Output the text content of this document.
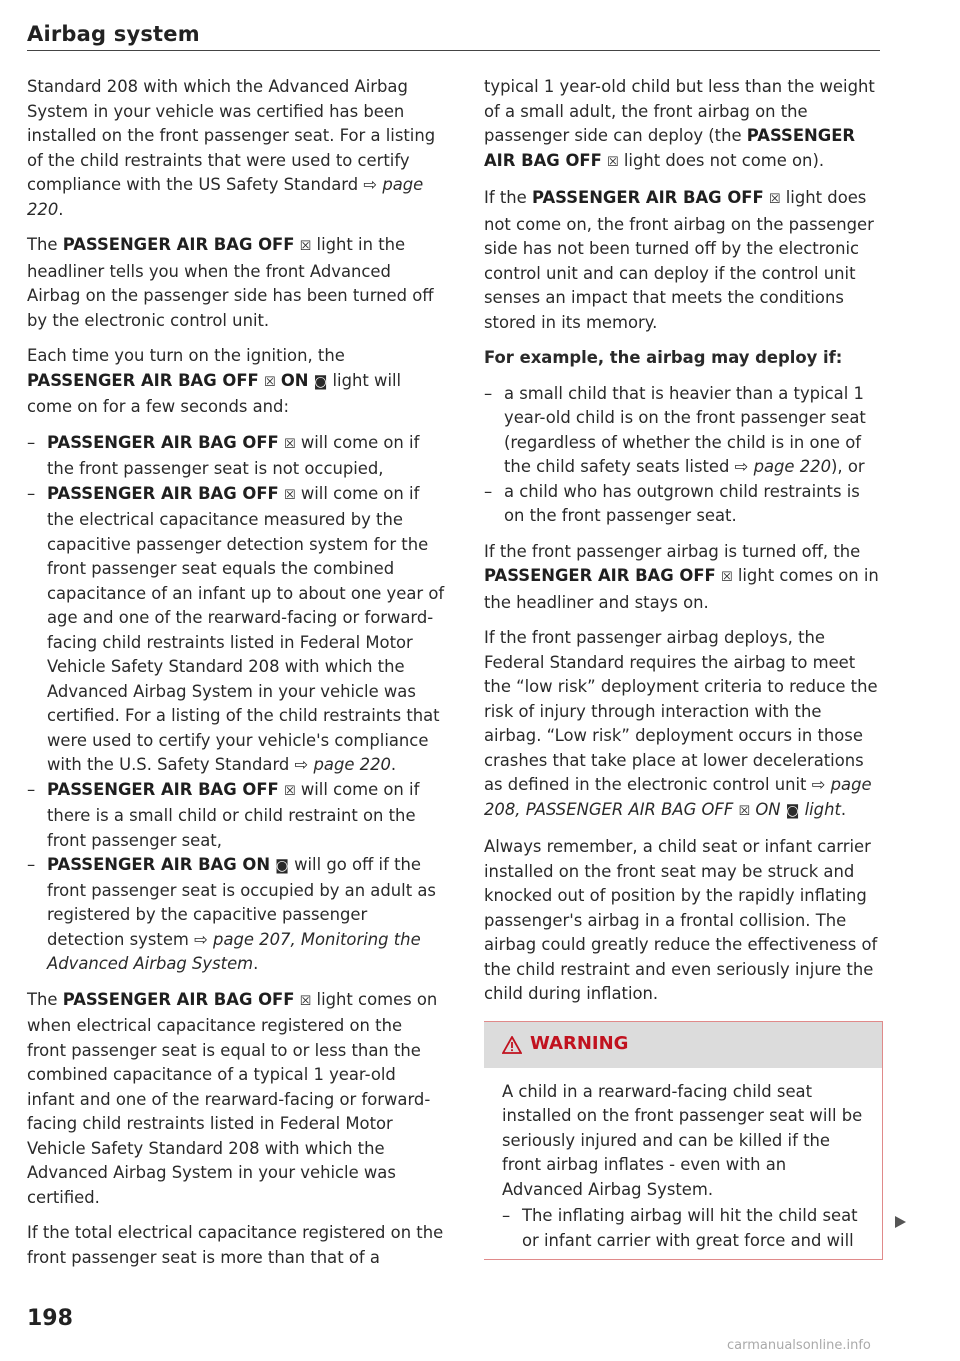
Airbag system

Standard 208 with which the Advanced Airbag System in your vehicle was certified has been installed on the front passenger seat. For a listing of the child restraints that were used to certify compliance with the US Safety Standard ⇨ page 220.

The PASSENGER AIR BAG OFF ☒ light in the headliner tells you when the front Advanced Airbag on the passenger side has been turned off by the electronic control unit.

Each time you turn on the ignition, the PASSENGER AIR BAG OFF ☒ ON ◙ light will come on for a few seconds and:

– PASSENGER AIR BAG OFF ☒ will come on if the front passenger seat is not occupied,
– PASSENGER AIR BAG OFF ☒ will come on if the electrical capacitance measured by the capacitive passenger detection system for the front passenger seat equals the combined capacitance of an infant up to about one year of age and one of the rearward-facing or forward-facing child restraints listed in Federal Motor Vehicle Safety Standard 208 with which the Advanced Airbag System in your vehicle was certified. For a listing of the child restraints that were used to certify your vehicle's compliance with the U.S. Safety Standard ⇨ page 220.
– PASSENGER AIR BAG OFF ☒ will come on if there is a small child or child restraint on the front passenger seat,
– PASSENGER AIR BAG ON ◙ will go off if the front passenger seat is occupied by an adult as registered by the capacitive passenger detection system ⇨ page 207, Monitoring the Advanced Airbag System.

The PASSENGER AIR BAG OFF ☒ light comes on when electrical capacitance registered on the front passenger seat is equal to or less than the combined capacitance of a typical 1 year-old infant and one of the rearward-facing or forward-facing child restraints listed in Federal Motor Vehicle Safety Standard 208 with which the Advanced Airbag System in your vehicle was certified.

If the total electrical capacitance registered on the front passenger seat is more than that of a

typical 1 year-old child but less than the weight of a small adult, the front airbag on the passenger side can deploy (the PASSENGER AIR BAG OFF ☒ light does not come on).

If the PASSENGER AIR BAG OFF ☒ light does not come on, the front airbag on the passenger side has not been turned off by the electronic control unit and can deploy if the control unit senses an impact that meets the conditions stored in its memory.

For example, the airbag may deploy if:
– a small child that is heavier than a typical 1 year-old child is on the front passenger seat (regardless of whether the child is in one of the child safety seats listed ⇨ page 220), or
– a child who has outgrown child restraints is on the front passenger seat.

If the front passenger airbag is turned off, the PASSENGER AIR BAG OFF ☒ light comes on in the headliner and stays on.

If the front passenger airbag deploys, the Federal Standard requires the airbag to meet the “low risk” deployment criteria to reduce the risk of injury through interaction with the airbag. “Low risk” deployment occurs in those crashes that take place at lower decelerations as defined in the electronic control unit ⇨ page 208, PASSENGER AIR BAG OFF ☒ ON ◙ light.

Always remember, a child seat or infant carrier installed on the front seat may be struck and knocked out of position by the rapidly inflating passenger's airbag in a frontal collision. The airbag could greatly reduce the effectiveness of the child restraint and even seriously injure the child during inflation.

WARNING

A child in a rearward-facing child seat installed on the front passenger seat will be seriously injured and can be killed if the front airbag inflates - even with an Advanced Airbag System.

– The inflating airbag will hit the child seat or infant carrier with great force and will
198
carmanualsonline.info
